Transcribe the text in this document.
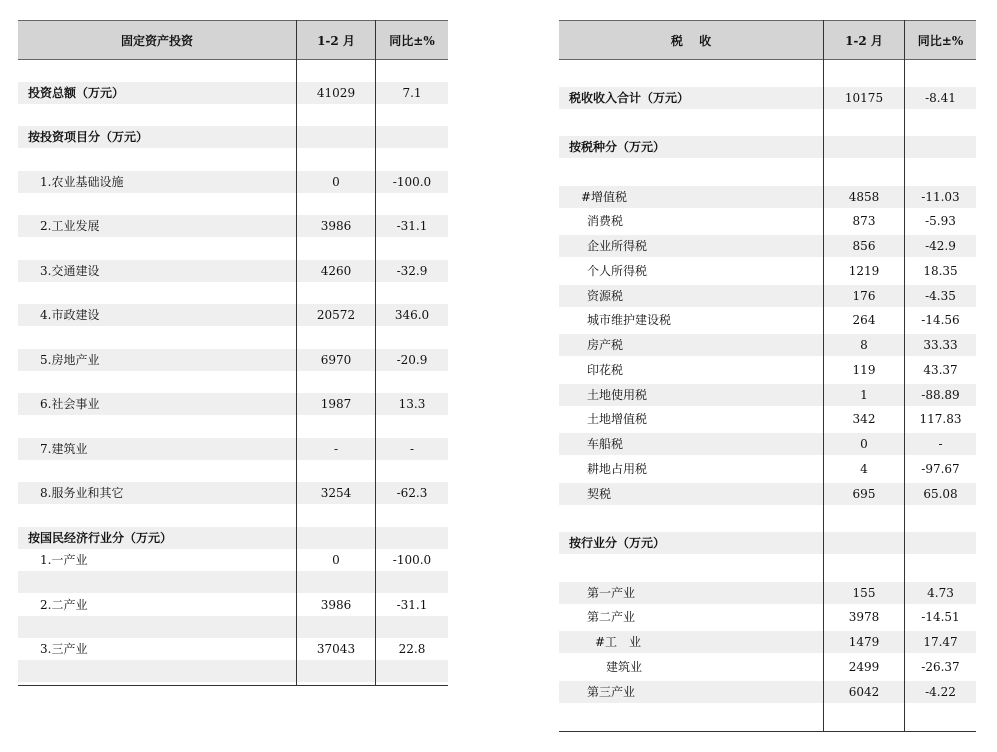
固定资产投资	1-2 月	同比±%
投资总额（万元）	41029	7.1
按投资项目分（万元）
1.农业基础设施	0	-100.0
2.工业发展	3986	-31.1
3.交通建设	4260	-32.9
4.市政建设	20572	346.0
5.房地产业	6970	-20.9
6.社会事业	1987	13.3
7.建筑业	-	-
8.服务业和其它	3254	-62.3
按国民经济行业分（万元）
1.一产业	0	-100.0
2.二产业	3986	-31.1
3.三产业	37043	22.8
税　 收	1-2 月	同比±%
税收收入合计（万元）	10175	-8.41
按税种分（万元）
#增值税	4858	-11.03
消费税	873	-5.93
企业所得税	856	-42.9
个人所得税	1219	18.35
资源税	176	-4.35
城市维护建设税	264	-14.56
房产税	8	33.33
印花税	119	43.37
土地使用税	1	-88.89
土地增值税	342	117.83
车船税	0	-
耕地占用税	4	-97.67
契税	695	65.08
按行业分（万元）
第一产业	155	4.73
第二产业	3978	-14.51
#工　业	1479	17.47
建筑业	2499	-26.37
第三产业	6042	-4.22
